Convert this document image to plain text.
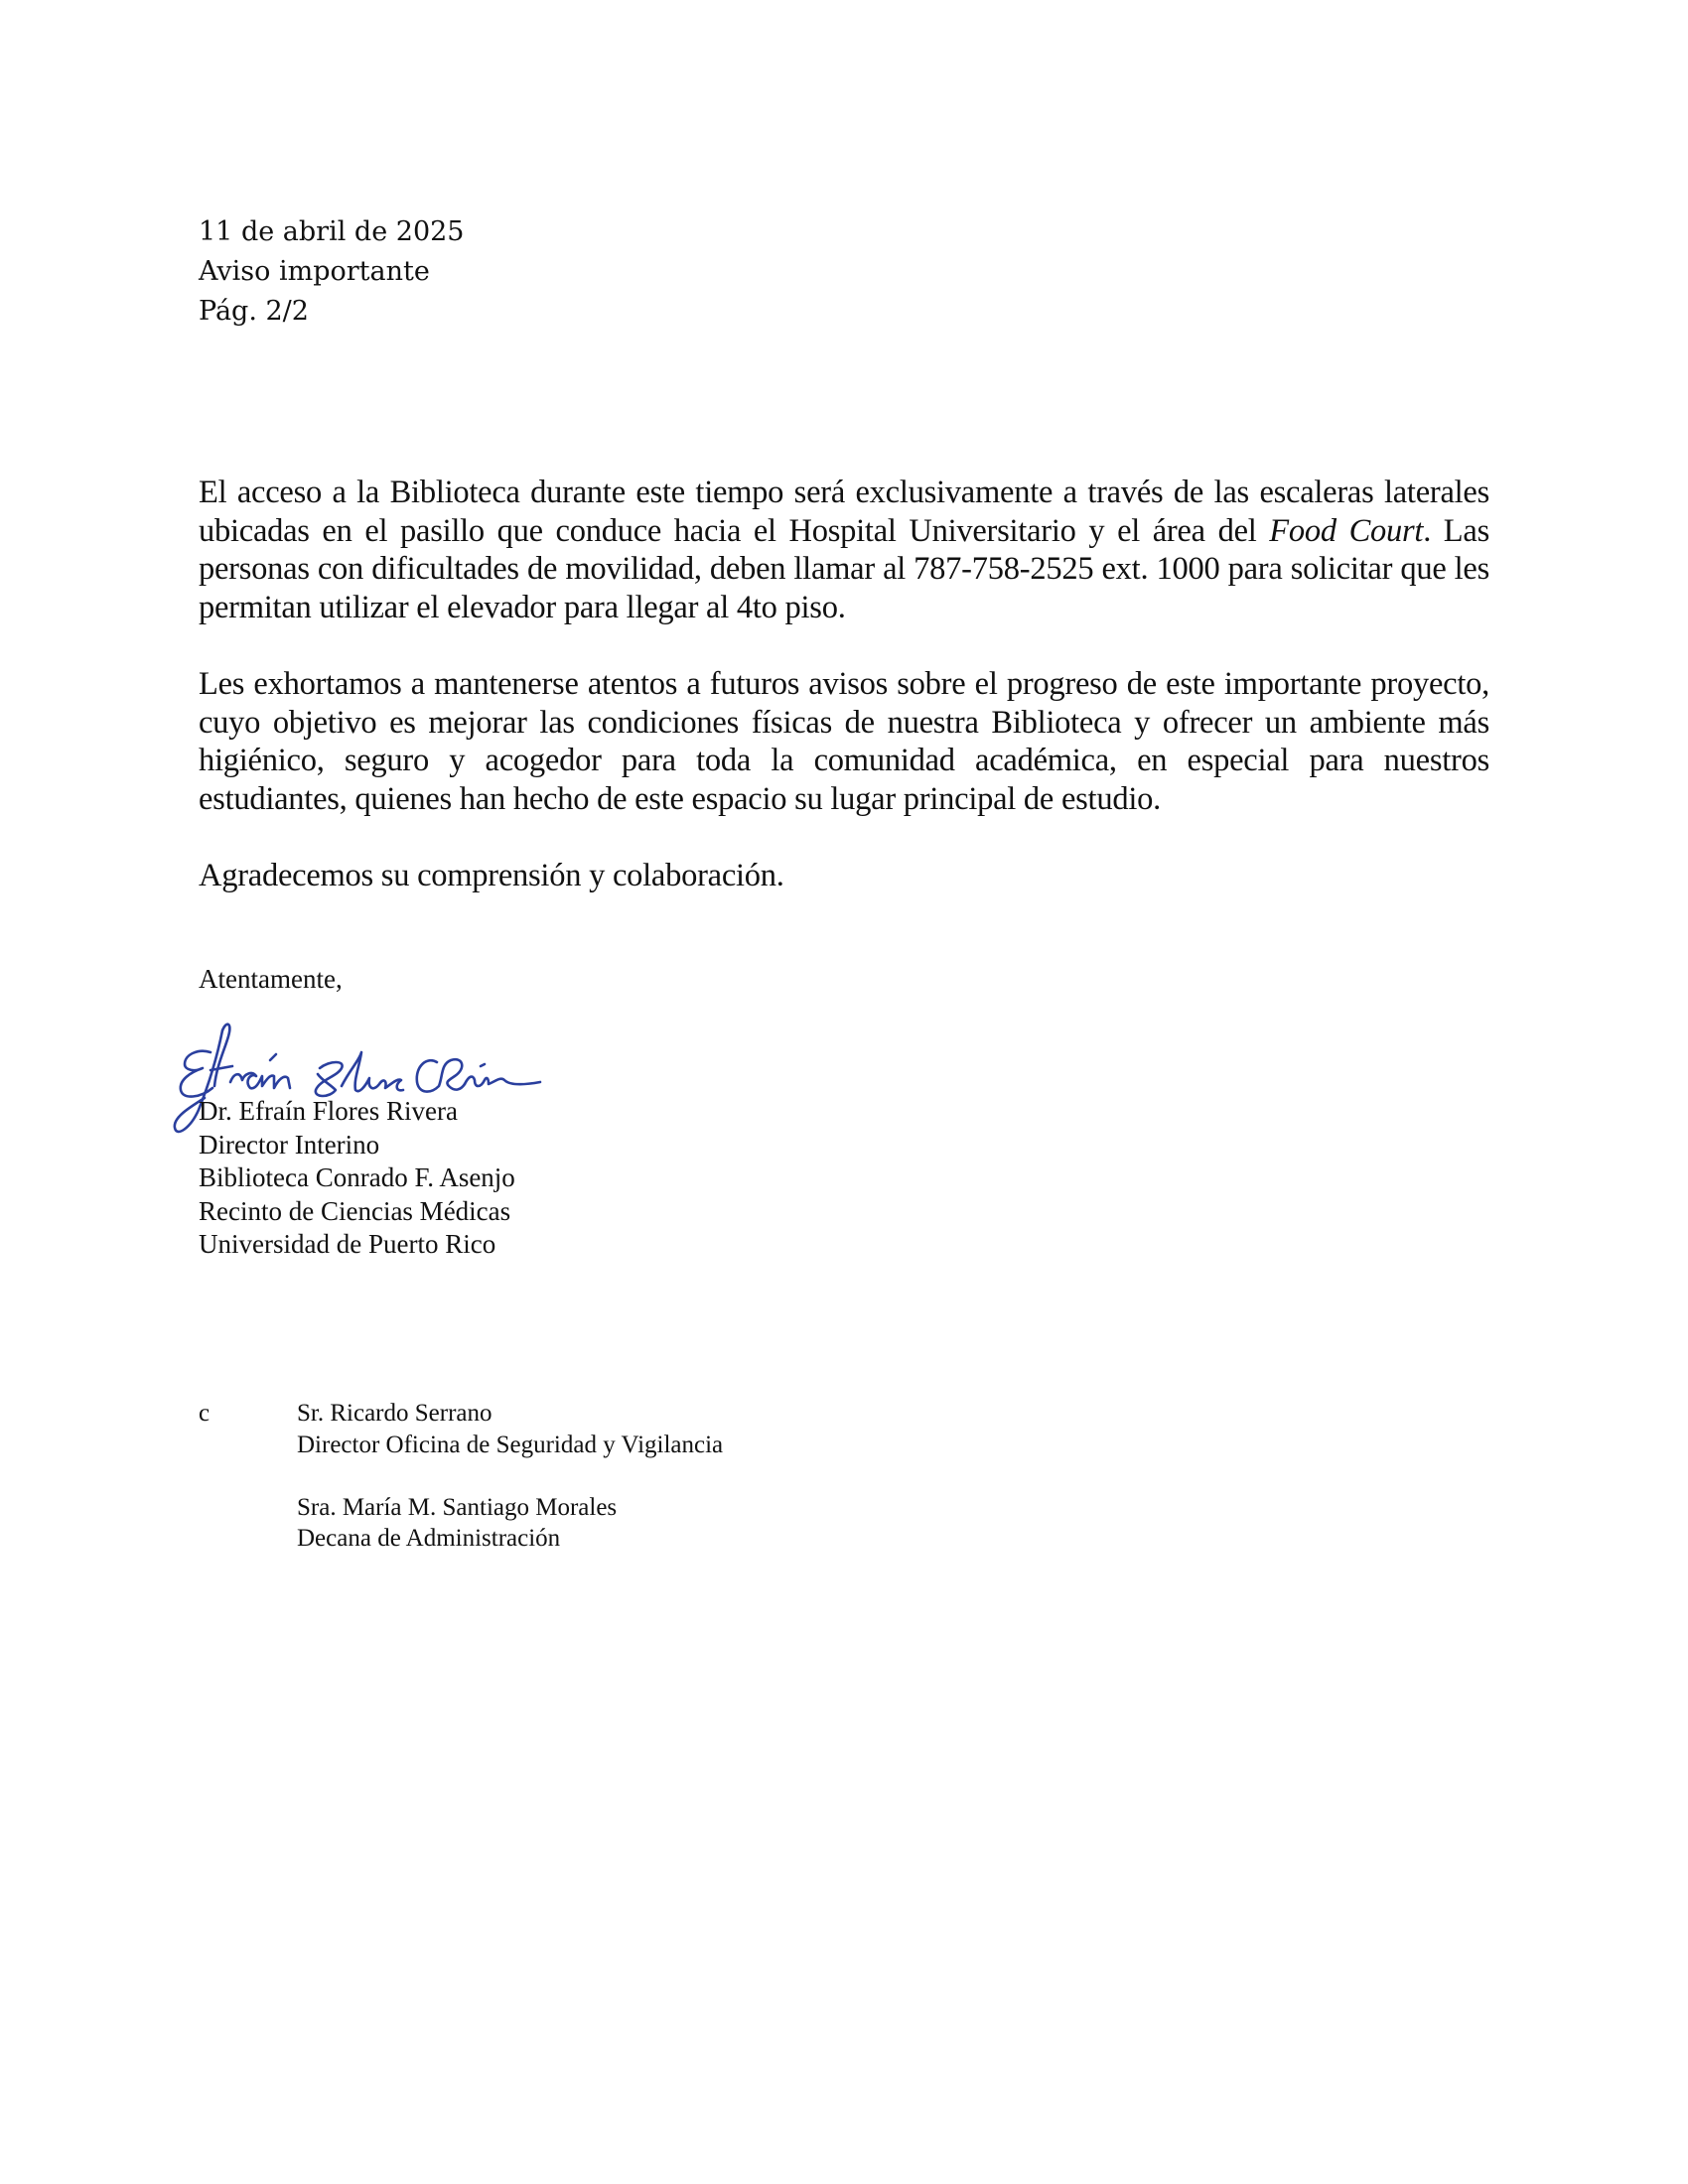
11 de abril de 2025
Aviso importante
Pág. 2/2

El acceso a la Biblioteca durante este tiempo será exclusivamente a través de las escaleras laterales ubicadas en el pasillo que conduce hacia el Hospital Universitario y el área del Food Court. Las personas con dificultades de movilidad, deben llamar al 787-758-2525 ext. 1000 para solicitar que les permitan utilizar el elevador para llegar al 4to piso.

Les exhortamos a mantenerse atentos a futuros avisos sobre el progreso de este importante proyecto, cuyo objetivo es mejorar las condiciones físicas de nuestra Biblioteca y ofrecer un ambiente más higiénico, seguro y acogedor para toda la comunidad académica, en especial para nuestros estudiantes, quienes han hecho de este espacio su lugar principal de estudio.

Agradecemos su comprensión y colaboración.

Atentamente,
Dr. Efraín Flores Rivera
Director Interino
Biblioteca Conrado F. Asenjo
Recinto de Ciencias Médicas
Universidad de Puerto Rico
c	Sr. Ricardo Serrano
Director Oficina de Seguridad y Vigilancia
Sra. María M. Santiago Morales
Decana de Administración
